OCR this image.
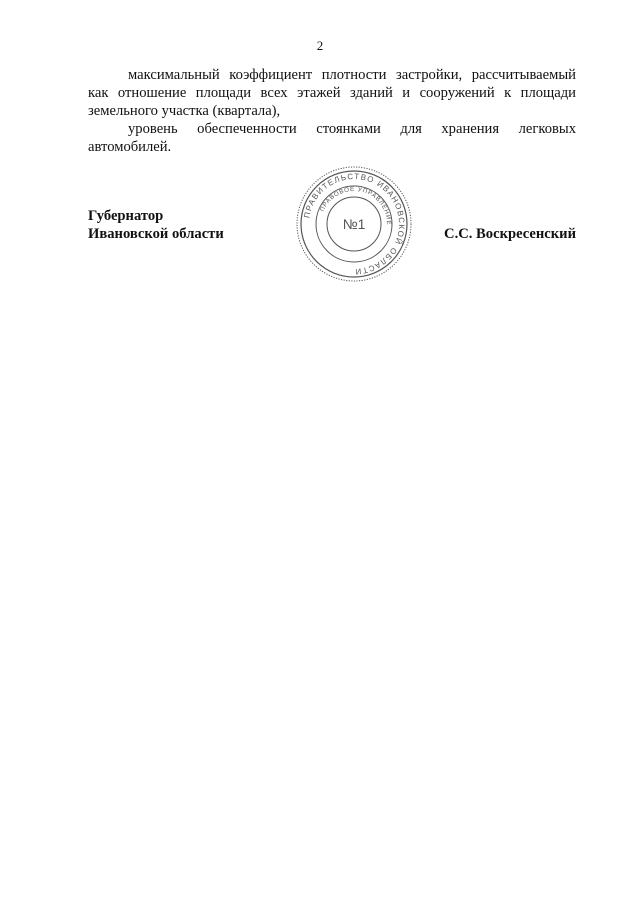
2

максимальный коэффициент плотности застройки, рассчитываемый как отношение площади всех этажей зданий и сооружений к площади земельного участка (квартала),

уровень обеспеченности стоянками для хранения легковых автомобилей.

Губернатор
Ивановской области	С.С. Воскресенский
ПРАВИТЕЛЬСТВО ИВАНОВСКОЙ ОБЛАСТИ
ПРАВОВОЕ УПРАВЛЕНИЕ
№1
